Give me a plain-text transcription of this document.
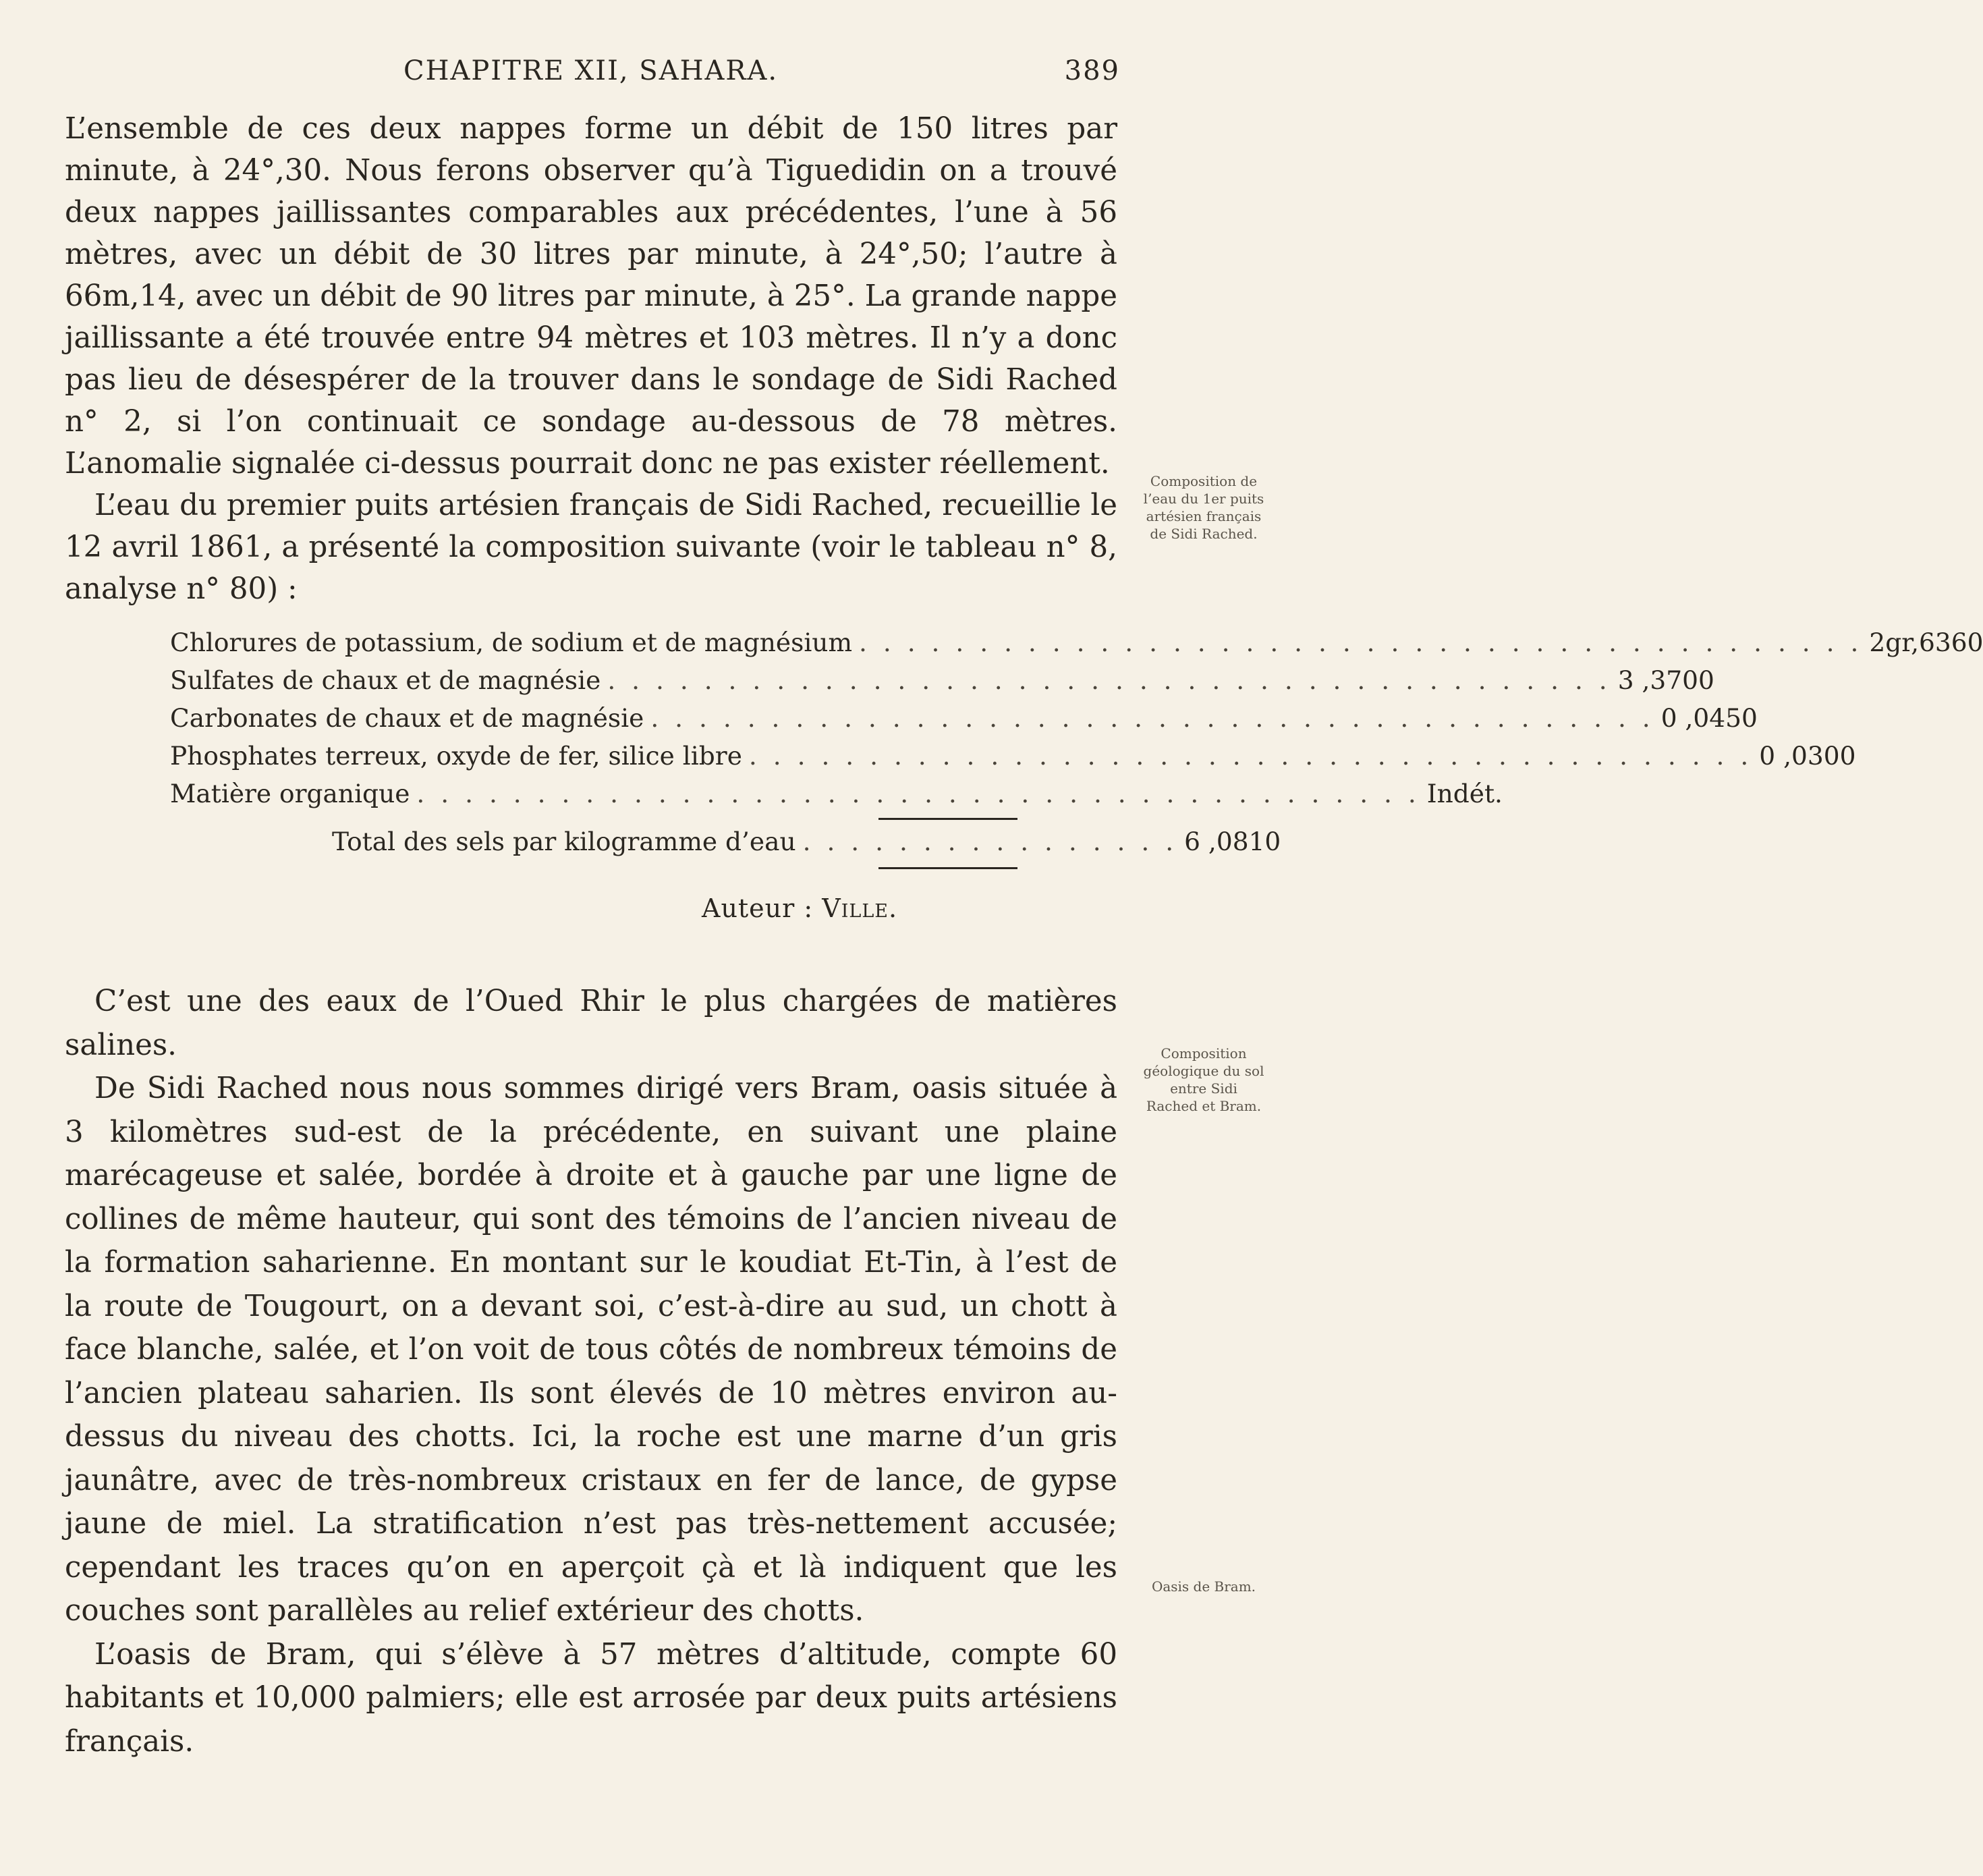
CHAPITRE XII, SAHARA.	389

L’ensemble de ces deux nappes forme un débit de 150 litres par minute, à 24°,30. Nous ferons observer qu’à Tiguedidin on a trouvé deux nappes jaillissantes comparables aux précédentes, l’une à 56 mètres, avec un débit de 30 litres par minute, à 24°,50; l’autre à 66m,14, avec un débit de 90 litres par minute, à 25°. La grande nappe jaillissante a été trouvée entre 94 mètres et 103 mètres. Il n’y a donc pas lieu de désespérer de la trouver dans le sondage de Sidi Rached n° 2, si l’on continuait ce sondage au-dessous de 78 mètres. L’anomalie signalée ci-dessus pourrait donc ne pas exister réellement.

L’eau du premier puits artésien français de Sidi Rached, recueillie le 12 avril 1861, a présenté la composition suivante (voir le tableau n° 8, analyse n° 80) :

Chlorures de potassium, de sodium et de magnésium . . . . . . . . . . . . . . . . . . . . . . . . . . . . . . . . . . . . . . . . . . 2gr,6360
Sulfates de chaux et de magnésie . . . . . . . . . . . . . . . . . . . . . . . . . . . . . . . . . . . . . . . . . . 3 ,3700
Carbonates de chaux et de magnésie . . . . . . . . . . . . . . . . . . . . . . . . . . . . . . . . . . . . . . . . . . 0 ,0450
Phosphates terreux, oxyde de fer, silice libre . . . . . . . . . . . . . . . . . . . . . . . . . . . . . . . . . . . . . . . . . . 0 ,0300
Matière organique . . . . . . . . . . . . . . . . . . . . . . . . . . . . . . . . . . . . . . . . . . Indét.
Total des sels par kilogramme d’eau . . . . . . . . . . . . . . . . 6 ,0810
Auteur : Ville.

C’est une des eaux de l’Oued Rhir le plus chargées de matières salines.

De Sidi Rached nous nous sommes dirigé vers Bram, oasis située à 3 kilomètres sud-est de la précédente, en suivant une plaine marécageuse et salée, bordée à droite et à gauche par une ligne de collines de même hauteur, qui sont des témoins de l’ancien niveau de la formation saharienne. En montant sur le koudiat Et-Tin, à l’est de la route de Tougourt, on a devant soi, c’est-à-dire au sud, un chott à face blanche, salée, et l’on voit de tous côtés de nombreux témoins de l’ancien plateau saharien. Ils sont élevés de 10 mètres environ au-dessus du niveau des chotts. Ici, la roche est une marne d’un gris jaunâtre, avec de très-nombreux cristaux en fer de lance, de gypse jaune de miel. La stratification n’est pas très-nettement accusée; cependant les traces qu’on en aperçoit çà et là indiquent que les couches sont parallèles au relief extérieur des chotts.

L’oasis de Bram, qui s’élève à 57 mètres d’altitude, compte 60 habitants et 10,000 palmiers; elle est arrosée par deux puits artésiens français.

Composition de l’eau du 1er puits artésien français de Sidi Rached.
Composition géologique du sol entre Sidi Rached et Bram.
Oasis de Bram.
